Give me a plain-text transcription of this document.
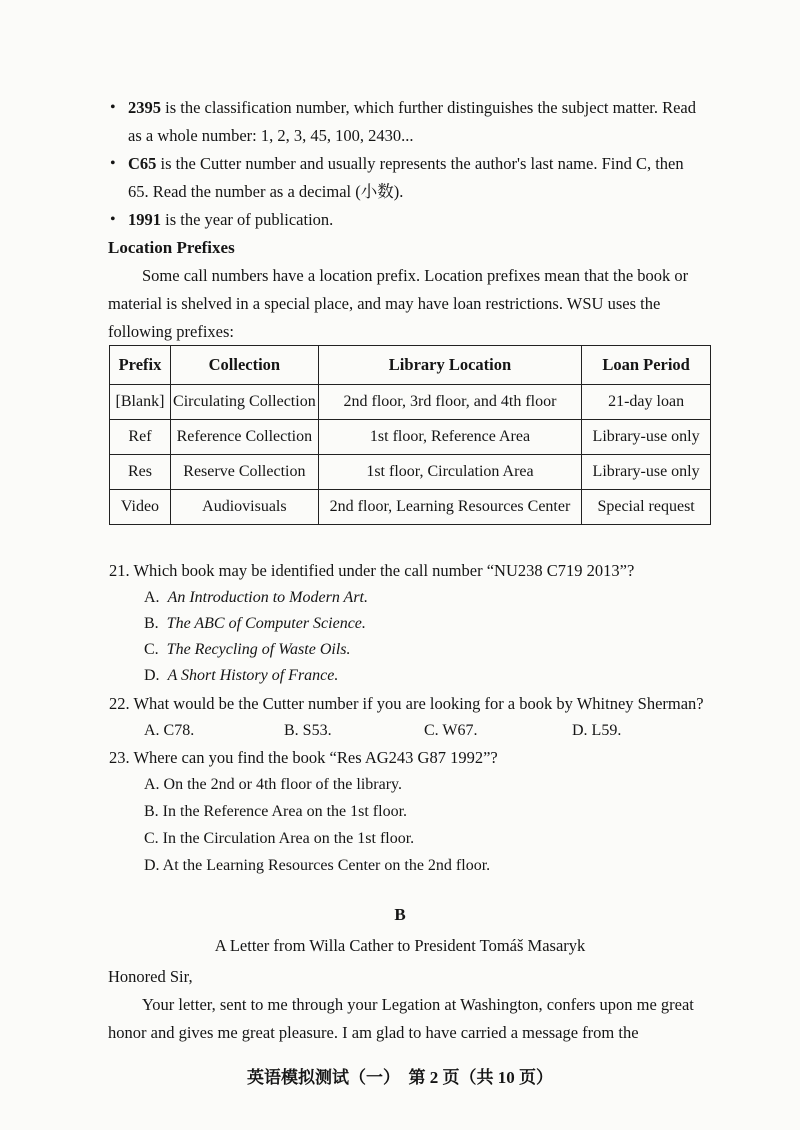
• 2395 is the classification number, which further distinguishes the subject matter. Read
as a whole number: 1, 2, 3, 45, 100, 2430...
• C65 is the Cutter number and usually represents the author's last name. Find C, then
65. Read the number as a decimal (小数).
• 1991 is the year of publication.
Location Prefixes
Some call numbers have a location prefix. Location prefixes mean that the book or
material is shelved in a special place, and may have loan restrictions. WSU uses the
following prefixes:
Prefix	Collection	Library Location	Loan Period
[Blank]	Circulating Collection	2nd floor, 3rd floor, and 4th floor	21-day loan
Ref	Reference Collection	1st floor, Reference Area	Library-use only
Res	Reserve Collection	1st floor, Circulation Area	Library-use only
Video	Audiovisuals	2nd floor, Learning Resources Center	Special request
21. Which book may be identified under the call number “NU238 C719 2013”?
A. An Introduction to Modern Art.
B. The ABC of Computer Science.
C. The Recycling of Waste Oils.
D. A Short History of France.
22. What would be the Cutter number if you are looking for a book by Whitney Sherman?
A. C78.	B. S53.	C. W67.	D. L59.
23. Where can you find the book “Res AG243 G87 1992”?
A. On the 2nd or 4th floor of the library.
B. In the Reference Area on the 1st floor.
C. In the Circulation Area on the 1st floor.
D. At the Learning Resources Center on the 2nd floor.
B
A Letter from Willa Cather to President Tomáš Masaryk
Honored Sir,
Your letter, sent to me through your Legation at Washington, confers upon me great
honor and gives me great pleasure. I am glad to have carried a message from the
英语模拟测试（一）　第 2 页（共 10 页）
